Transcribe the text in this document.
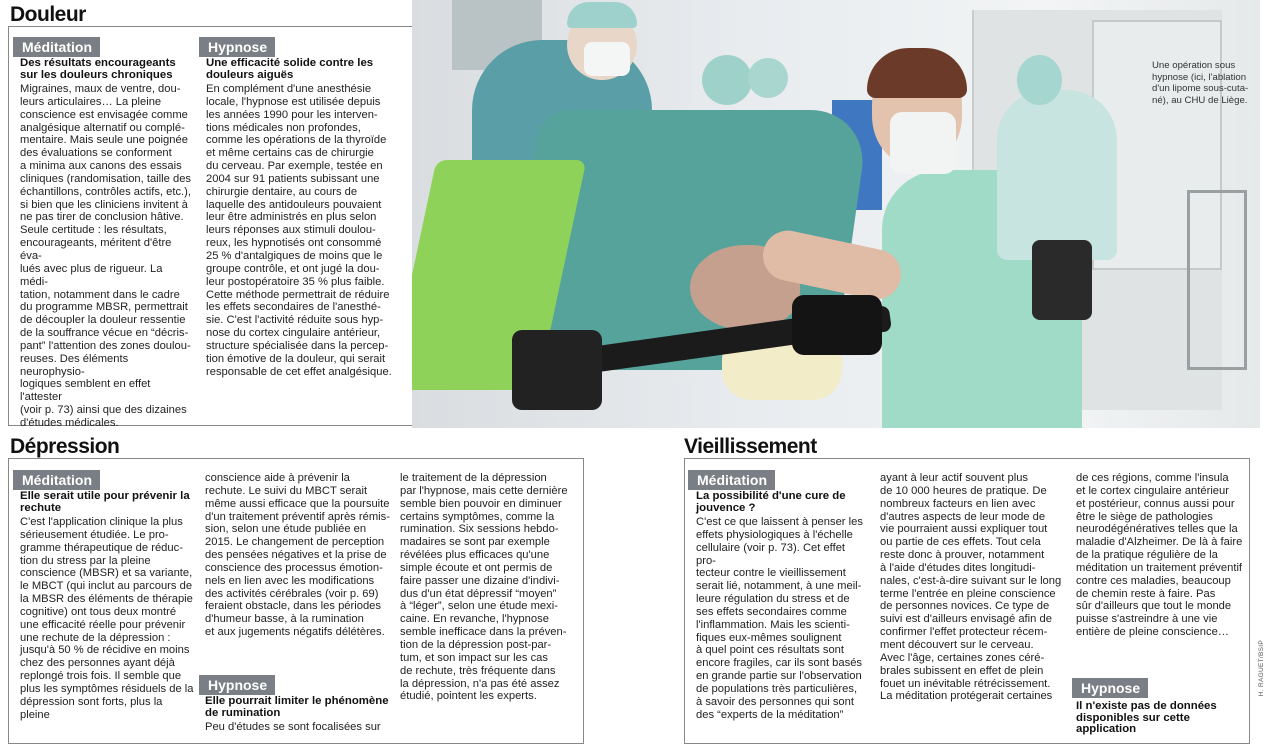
Douleur
Méditation
Des résultats encourageants sur les douleurs chroniques

Migraines, maux de ventre, dou-

leurs articulaires… La pleine

conscience est envisagée comme

analgésique alternatif ou complé-

mentaire. Mais seule une poignée

des évaluations se conforment

a minima aux canons des essais

cliniques (randomisation, taille des

échantillons, contrôles actifs, etc.),

si bien que les cliniciens invitent à

ne pas tirer de conclusion hâtive.

Seule certitude : les résultats,

encourageants, méritent d'être éva-

lués avec plus de rigueur. La médi-

tation, notamment dans le cadre

du programme MBSR, permettrait

de découpler la douleur ressentie

de la souffrance vécue en “décris-

pant” l'attention des zones doulou-

reuses. Des éléments neurophysio-

logiques semblent en effet l'attester

(voir p. 73) ainsi que des dizaines

d'études médicales.

Hypnose
Une efficacité solide contre les douleurs aiguës

En complément d'une anesthésie

locale, l'hypnose est utilisée depuis

les années 1990 pour les interven-

tions médicales non profondes,

comme les opérations de la thyroïde

et même certains cas de chirurgie

du cerveau. Par exemple, testée en

2004 sur 91 patients subissant une

chirurgie dentaire, au cours de

laquelle des antidouleurs pouvaient

leur être administrés en plus selon

leurs réponses aux stimuli doulou-

reux, les hypnotisés ont consommé

25 % d'antalgiques de moins que le

groupe contrôle, et ont jugé la dou-

leur postopératoire 35 % plus faible.

Cette méthode permettrait de réduire

les effets secondaires de l'anesthé-

sie. C'est l'activité réduite sous hyp-

nose du cortex cingulaire antérieur,

structure spécialisée dans la percep-

tion émotive de la douleur, qui serait

responsable de cet effet analgésique.

Une opération sous hypnose (ici, l'ablation d'un lipome sous-cuta-né), au CHU de Liège.
Dépression
Méditation
Elle serait utile pour prévenir la rechute

C'est l'application clinique la plus

sérieusement étudiée. Le pro-

gramme thérapeutique de réduc-

tion du stress par la pleine

conscience (MBSR) et sa variante,

le MBCT (qui inclut au parcours de

la MBSR des éléments de thérapie

cognitive) ont tous deux montré

une efficacité réelle pour prévenir

une rechute de la dépression :

jusqu'à 50 % de récidive en moins

chez des personnes ayant déjà

replongé trois fois. Il semble que

plus les symptômes résiduels de la

dépression sont forts, plus la pleine

conscience aide à prévenir la

rechute. Le suivi du MBCT serait

même aussi efficace que la poursuite

d'un traitement préventif après rémis-

sion, selon une étude publiée en

2015. Le changement de perception

des pensées négatives et la prise de

conscience des processus émotion-

nels en lien avec les modifications

des activités cérébrales (voir p. 69)

feraient obstacle, dans les périodes

d'humeur basse, à la rumination

et aux jugements négatifs délétères.

Hypnose
Elle pourrait limiter le phénomène de rumination

Peu d'études se sont focalisées sur

le traitement de la dépression

par l'hypnose, mais cette dernière

semble bien pouvoir en diminuer

certains symptômes, comme la

rumination. Six sessions hebdo-

madaires se sont par exemple

révélées plus efficaces qu'une

simple écoute et ont permis de

faire passer une dizaine d'indivi-

dus d'un état dépressif “moyen”

à “léger”, selon une étude mexi-

caine. En revanche, l'hypnose

semble inefficace dans la préven-

tion de la dépression post-par-

tum, et son impact sur les cas

de rechute, très fréquente dans

la dépression, n'a pas été assez

étudié, pointent les experts.

Vieillissement
Méditation
La possibilité d'une cure de jouvence ?

C'est ce que laissent à penser les

effets physiologiques à l'échelle

cellulaire (voir p. 73). Cet effet pro-

tecteur contre le vieillissement

serait lié, notamment, à une meil-

leure régulation du stress et de

ses effets secondaires comme

l'inflammation. Mais les scienti-

fiques eux-mêmes soulignent

à quel point ces résultats sont

encore fragiles, car ils sont basés

en grande partie sur l'observation

de populations très particulières,

à savoir des personnes qui sont

des “experts de la méditation”

ayant à leur actif souvent plus

de 10 000 heures de pratique. De

nombreux facteurs en lien avec

d'autres aspects de leur mode de

vie pourraient aussi expliquer tout

ou partie de ces effets. Tout cela

reste donc à prouver, notamment

à l'aide d'études dites longitudi-

nales, c'est-à-dire suivant sur le long

terme l'entrée en pleine conscience

de personnes novices. Ce type de

suivi est d'ailleurs envisagé afin de

confirmer l'effet protecteur récem-

ment découvert sur le cerveau.

Avec l'âge, certaines zones céré-

brales subissent en effet de plein

fouet un inévitable rétrécissement.

La méditation protégerait certaines

de ces régions, comme l'insula

et le cortex cingulaire antérieur

et postérieur, connus aussi pour

être le siège de pathologies

neurodégénératives telles que la

maladie d'Alzheimer. De là à faire

de la pratique régulière de la

méditation un traitement préventif

contre ces maladies, beaucoup

de chemin reste à faire. Pas

sûr d'ailleurs que tout le monde

puisse s'astreindre à une vie

entière de pleine conscience…

Hypnose
Il n'existe pas de données disponibles sur cette application
H. RAGUET/BSIP
